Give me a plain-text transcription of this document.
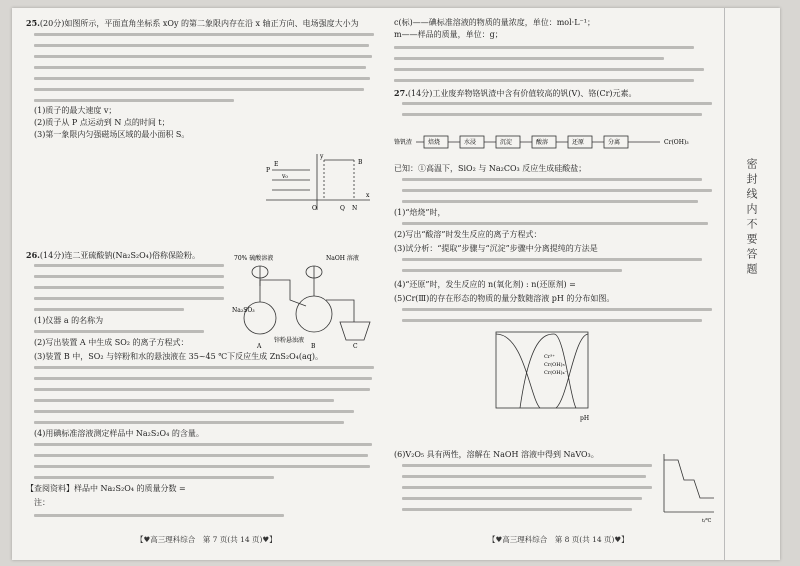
25.(20分)如图所示，平面直角坐标系 xOy 的第二象限内存在沿 x 轴正方向、电场强度大小为
(1)质子的最大速度 v；
(2)质子从 P 点运动到 N 点的时间 t；
(3)第一象限内匀强磁场区域的最小面积 S。
E	B
P
Q N
O
x
y
v₀
26.(14分)连二亚硫酸钠(Na₂S₂O₄)俗称保险粉。
(1)仪器 a 的名称为
70% 硫酸溶液	NaOH 溶液
Na₂SO₃
锌粉悬浊液
A	B	C
(2)写出装置 A 中生成 SO₂ 的离子方程式：
(3)装置 B 中，SO₂ 与锌粉和水的悬浊液在 35~45 ℃下反应生成 ZnS₂O₄(aq)。
(4)用碘标准溶液测定样品中 Na₂S₂O₄ 的含量。
【查阅资料】样品中 Na₂S₂O₄ 的质量分数 =
注：
【♥高三理科综合　第 7 页(共 14 页)♥】
c(标)——碘标准溶液的物质的量浓度，单位：mol·L⁻¹；
m——样品的质量，单位：g；
27.(14分)工业废弃物铬钒渣中含有价值较高的钒(V)、铬(Cr)元素。
铬钒渣	焙烧	水浸	沉淀	酸溶	还原	分离	Cr(OH)₃
已知：①高温下，SiO₂ 与 Na₂CO₃ 反应生成硅酸盐；
(1)“焙烧”时，
(2)写出“酸溶”时发生反应的离子方程式：
(3)试分析：“提取”步骤与“沉淀”步骤中分离提纯的方法是
(4)“还原”时，发生反应的 n(氧化剂) : n(还原剂) =
(5)Cr(Ⅲ)的存在形态的物质的量分数随溶液 pH 的分布如图。
Cr³⁺
Cr(OH)₃
Cr(OH)₄⁻
pH
(6)V₂O₅ 具有两性，溶解在 NaOH 溶液中得到 NaVO₃。
t/℃
【♥高三理科综合　第 8 页(共 14 页)♥】
密封线内不要答题
